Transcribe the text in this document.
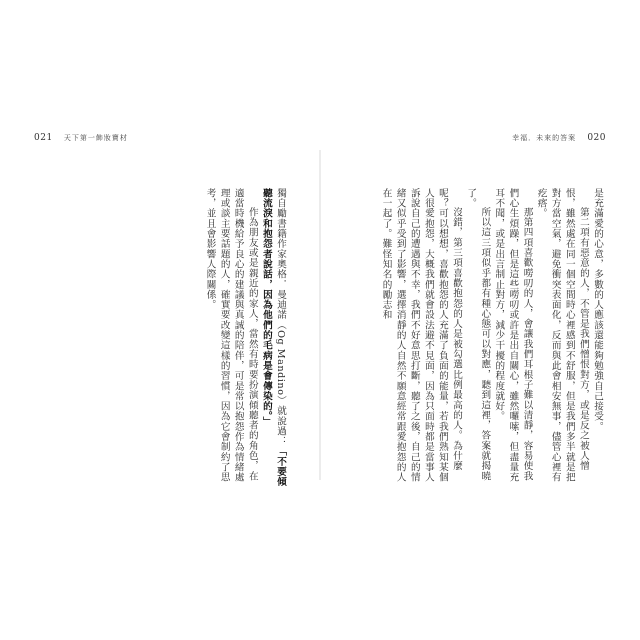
021 天下第一飾妝寶材

獨自勵書籍作家奧格．曼迪諾（Og Mandino）就說過：「不要傾聽流淚和抱怨者說話，因為他們的毛病是會傳染的。」

作為朋友或是親近的家人，當然有時要扮演傾聽者的角色，在適當時機給予良心的建議與真誠的陪伴，可是常以抱怨作為情緒處理或談主要話題的人，確實要改變這樣的習慣，因為它會制約了思考，並且會影響人際關係。

幸福．未來的答案 020

是充滿愛的心意，多數的人應該還能夠勉強自己接受。

第二項有惡意的人，不管是我們憎恨對方，或是反之被人憎恨，雖然處在同一個空間時心裡感到不舒服，但是我們多半就是把對方當空氣，避免衝突表面化，反而與此會相安無事，儘管心裡有疙瘩。

那第四項喜歡嘮叨的人，會讓我們耳根子難以清靜，容易使我們心生煩躁，但是這些嘮叨或許是出自關心，雖然囉嗦，但盡量充耳不聞，或是出言制止對方，減少干擾的程度就好。

所以這三項似乎都有種心態可以對應，聽到這裡，答案就揭曉了。

沒錯，第三項喜歡抱怨的人是被勾選比例最高的人。為什麼呢？可以想想，喜歡抱怨的人充滿了負面的能量，若我們熟知某個人很愛抱怨，大概我們就會設法避不見面，因為只面時都是當事人訴說自己的遭遇與不幸，我們不好意思打斷，聽了之後，自己的情緒又似乎受到了影響，選擇消靜的人自然不願意經常跟愛抱怨的人在一起了。難怪知名的勵志和
